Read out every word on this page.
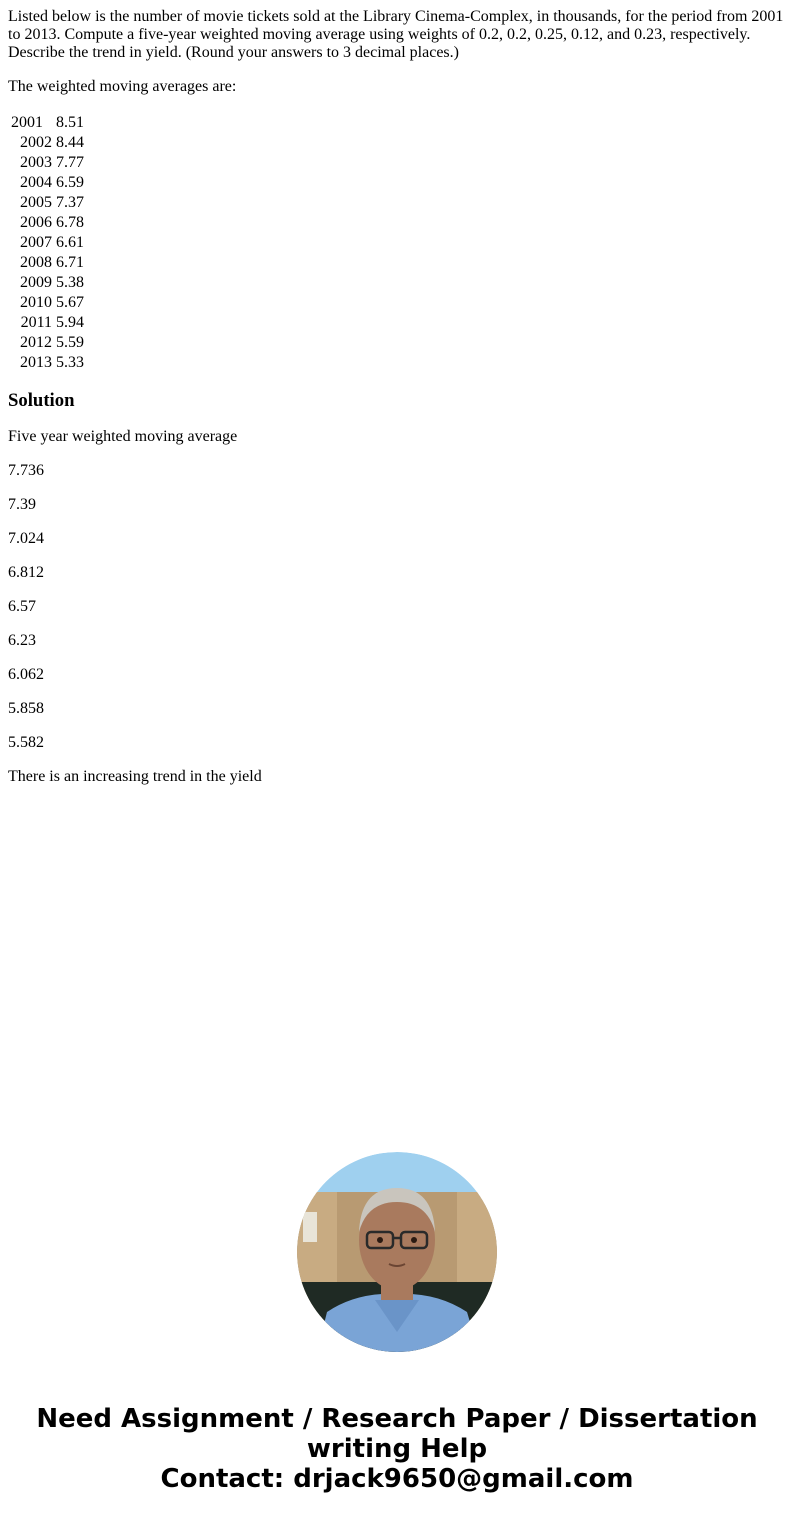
Listed below is the number of movie tickets sold at the Library Cinema-Complex, in thousands, for the period from 2001 to 2013. Compute a five-year weighted moving average using weights of 0.2, 0.2, 0.25, 0.12, and 0.23, respectively. Describe the trend in yield. (Round your answers to 3 decimal places.)

The weighted moving averages are:

2001	8.51
2002	8.44
2003	7.77
2004	6.59
2005	7.37
2006	6.78
2007	6.61
2008	6.71
2009	5.38
2010	5.67
2011	5.94
2012	5.59
2013	5.33
Solution

Five year weighted moving average

7.736

7.39

7.024

6.812

6.57

6.23

6.062

5.858

5.582

There is an increasing trend in the yield

Need Assignment / Research Paper / Dissertation
writing Help
Contact: drjack9650@gmail.com
